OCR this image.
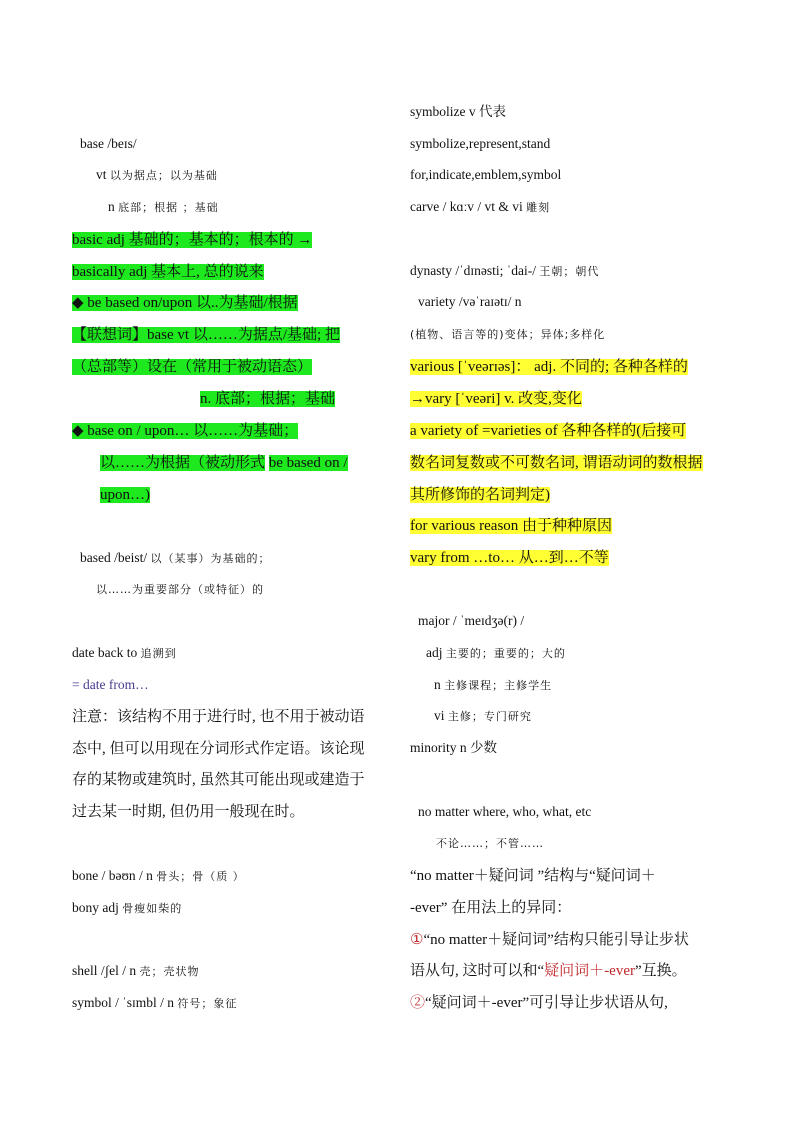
base /beɪs/
vt 以为据点；以为基础
n 底部；根据 ；基础
basic adj 基础的；基本的；根本的 →
basically adj 基本上, 总的说来
◆ be based on/upon 以..为基础/根据
【联想词】base vt 以……为据点/基础; 把
（总部等）设在（常用于被动语态）
n. 底部；根据；基础
◆ base on / upon… 以……为基础；
以……为根据（被动形式 be based on /
upon…)
based /beist/ 以（某事）为基础的；
以……为重要部分（或特征）的
date back to 追溯到
= date from…
注意：该结构不用于进行时, 也不用于被动语
态中, 但可以用现在分词形式作定语。该论现
存的某物或建筑时, 虽然其可能出现或建造于
过去某一时期, 但仍用一般现在时。
bone / bəʊn / n 骨头；骨（质 ）
bony adj 骨瘦如柴的
shell /ʃel / n 壳；壳状物
symbol / ˈsɪmbl / n 符号；象征
symbolize v 代表
symbolize,represent,stand
for,indicate,emblem,symbol
carve / kɑːv / vt & vi 雕刻
dynasty /ˈdɪnəsti; ˈdai-/ 王朝；朝代
variety /vəˈraɪətɪ/ n
(植物、语言等的)变体；异体;多样化
various [ˈveərɪəs]： adj. 不同的; 各种各样的
→vary [ˈveəri] v. 改变,变化
a variety of =varieties of 各种各样的(后接可
数名词复数或不可数名词, 谓语动词的数根据
其所修饰的名词判定)
for various reason 由于种种原因
vary from …to… 从…到…不等
major / ˈmeɪdʒə(r) /
adj 主要的；重要的；大的
n 主修课程；主修学生
vi 主修；专门研究
minority n 少数
no matter where, who, what, etc
不论……；不管……
“no matter＋疑问词 ”结构与“疑问词＋
-ever” 在用法上的异同：
①“no matter＋疑问词”结构只能引导让步状
语从句, 这时可以和“疑问词＋-ever”互换。
②“疑问词＋-ever”可引导让步状语从句,
